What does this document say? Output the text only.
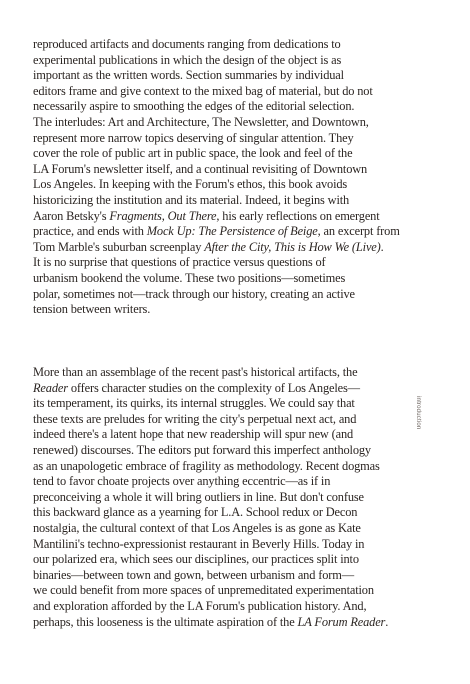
reproduced artifacts and documents ranging from dedications to
experimental publications in which the design of the object is as
important as the written words. Section summaries by individual
editors frame and give context to the mixed bag of material, but do not
necessarily aspire to smoothing the edges of the editorial selection.
The interludes: Art and Architecture, The Newsletter, and Downtown,
represent more narrow topics deserving of singular attention. They
cover the role of public art in public space, the look and feel of the
LA Forum's newsletter itself, and a continual revisiting of Downtown
Los Angeles. In keeping with the Forum's ethos, this book avoids
historicizing the institution and its material. Indeed, it begins with
Aaron Betsky's Fragments, Out There, his early reflections on emergent
practice, and ends with Mock Up: The Persistence of Beige, an excerpt from
Tom Marble's suburban screenplay After the City, This is How We (Live).
It is no surprise that questions of practice versus questions of
urbanism bookend the volume. These two positions—sometimes
polar, sometimes not—track through our history, creating an active
tension between writers.
More than an assemblage of the recent past's historical artifacts, the
Reader offers character studies on the complexity of Los Angeles—
its temperament, its quirks, its internal struggles. We could say that
these texts are preludes for writing the city's perpetual next act, and
indeed there's a latent hope that new readership will spur new (and
renewed) discourses. The editors put forward this imperfect anthology
as an unapologetic embrace of fragility as methodology. Recent dogmas
tend to favor choate projects over anything eccentric—as if in
preconceiving a whole it will bring outliers in line. But don't confuse
this backward glance as a yearning for L.A. School redux or Decon
nostalgia, the cultural context of that Los Angeles is as gone as Kate
Mantilini's techno-expressionist restaurant in Beverly Hills. Today in
our polarized era, which sees our disciplines, our practices split into
binaries—between town and gown, between urbanism and form—
we could benefit from more spaces of unpremeditated experimentation
and exploration afforded by the LA Forum's publication history. And,
perhaps, this looseness is the ultimate aspiration of the LA Forum Reader.
introduction
